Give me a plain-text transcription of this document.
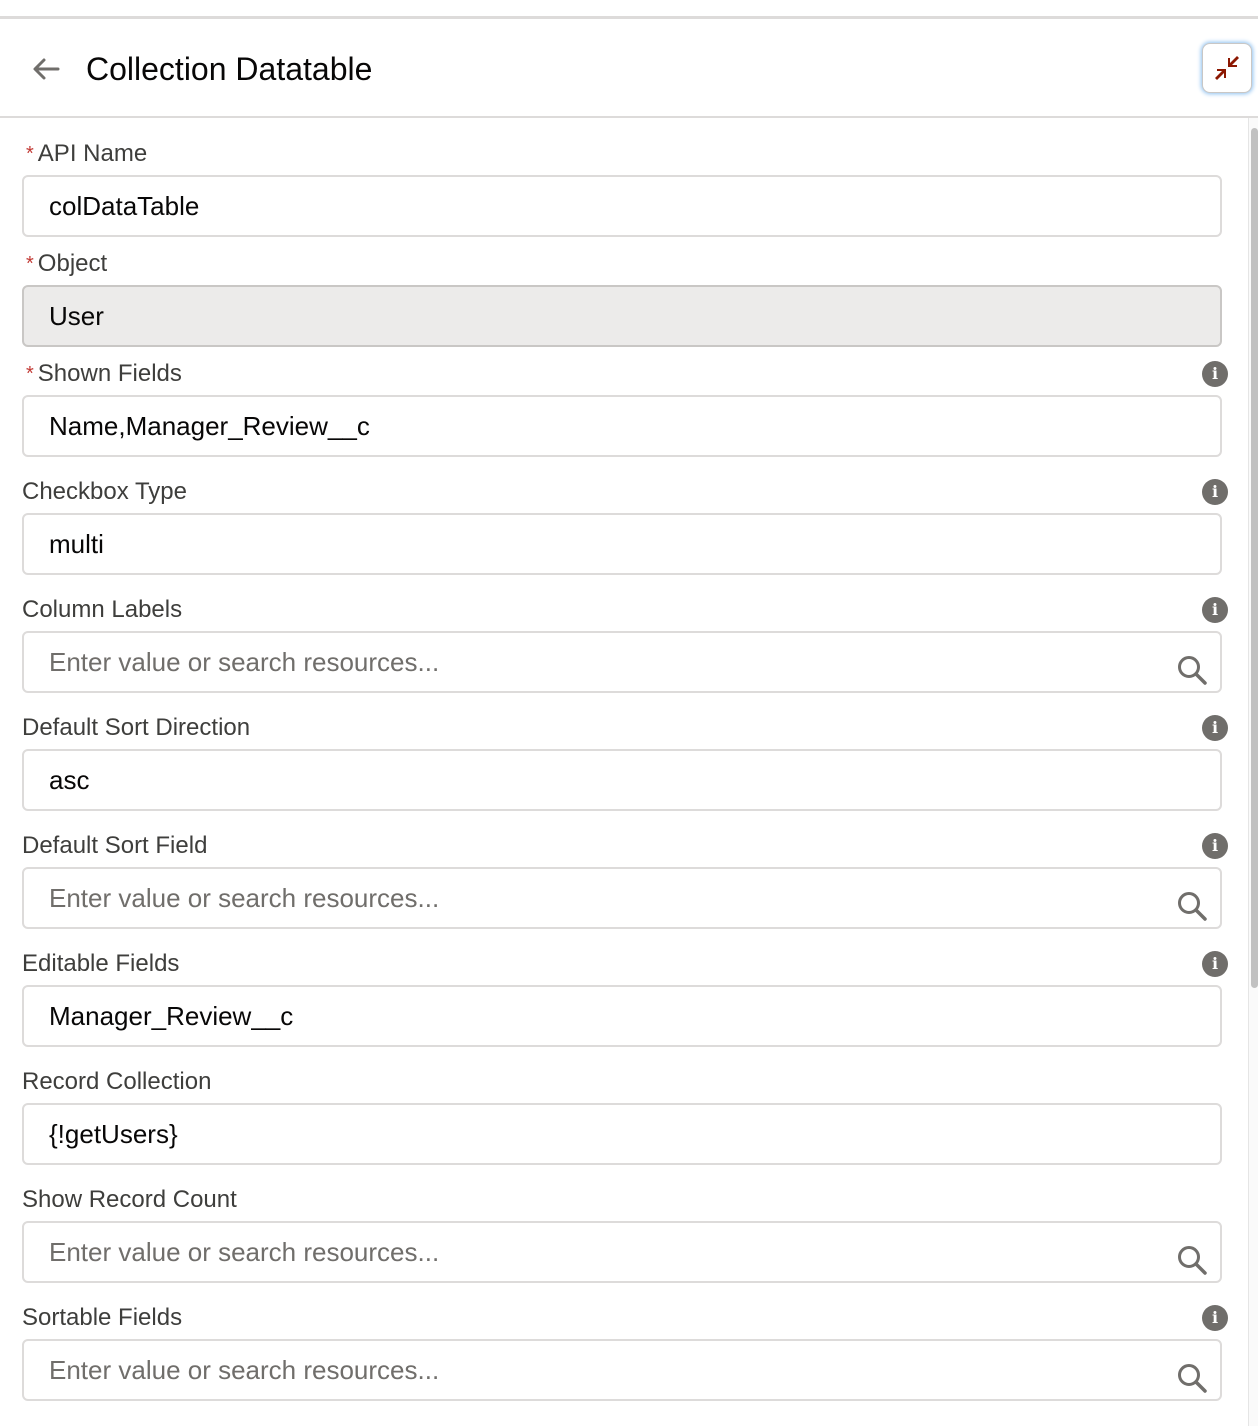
Collection Datatable
* API Name
colDataTable
* Object
User
* Shown Fields	i
Name,Manager_Review__c
Checkbox Type	i
multi
Column Labels	i
Enter value or search resources...
Default Sort Direction	i
asc
Default Sort Field	i
Enter value or search resources...
Editable Fields	i
Manager_Review__c
Record Collection
{!getUsers}
Show Record Count
Enter value or search resources...
Sortable Fields	i
Enter value or search resources...
